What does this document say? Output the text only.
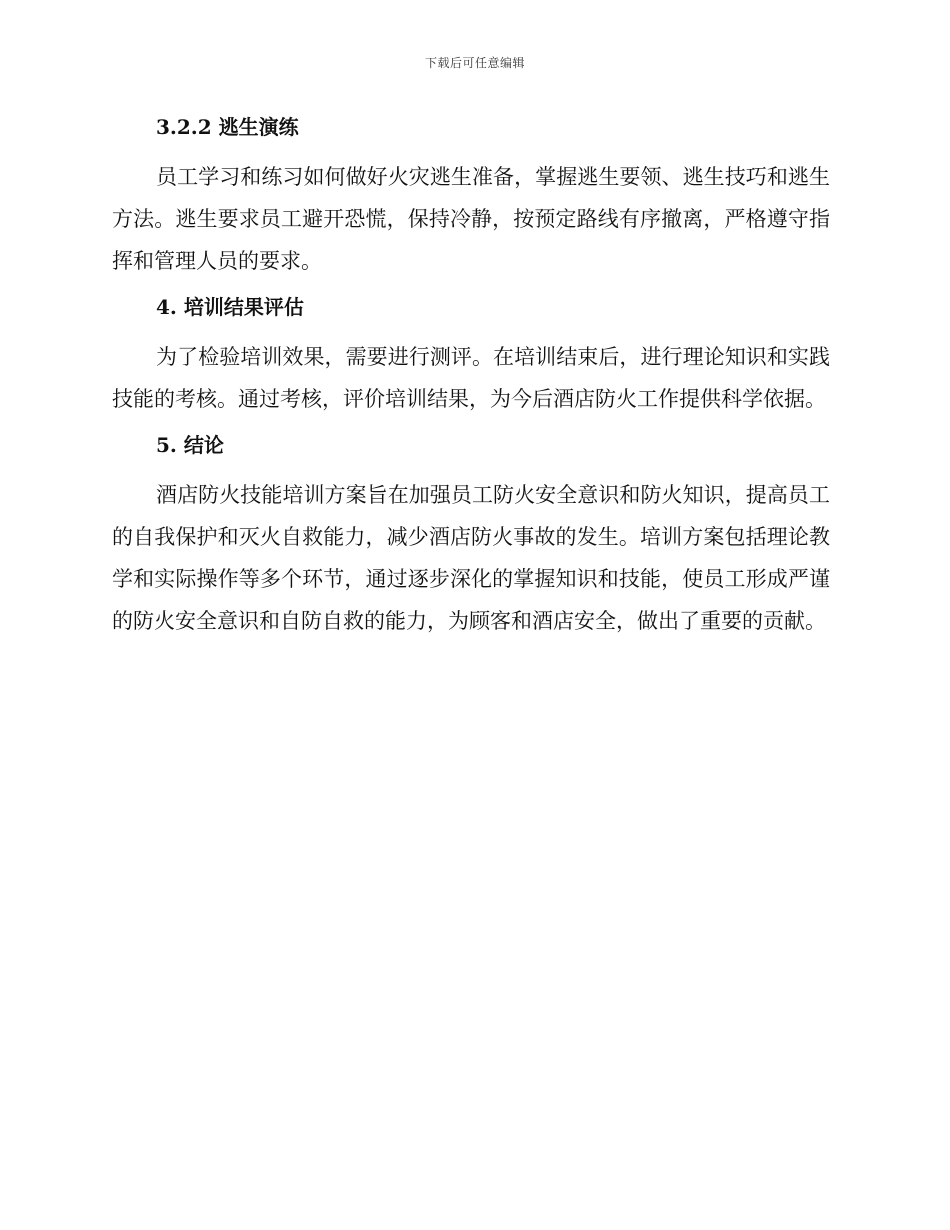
下载后可任意编辑
3.2.2 逃生演练

员工学习和练习如何做好火灾逃生准备，掌握逃生要领、逃生技巧和逃生方法。逃生要求员工避开恐慌，保持冷静，按预定路线有序撤离，严格遵守指挥和管理人员的要求。

4. 培训结果评估

为了检验培训效果，需要进行测评。在培训结束后，进行理论知识和实践技能的考核。通过考核，评价培训结果，为今后酒店防火工作提供科学依据。

5. 结论

酒店防火技能培训方案旨在加强员工防火安全意识和防火知识，提高员工的自我保护和灭火自救能力，减少酒店防火事故的发生。培训方案包括理论教学和实际操作等多个环节，通过逐步深化的掌握知识和技能，使员工形成严谨的防火安全意识和自防自救的能力，为顾客和酒店安全，做出了重要的贡献。
